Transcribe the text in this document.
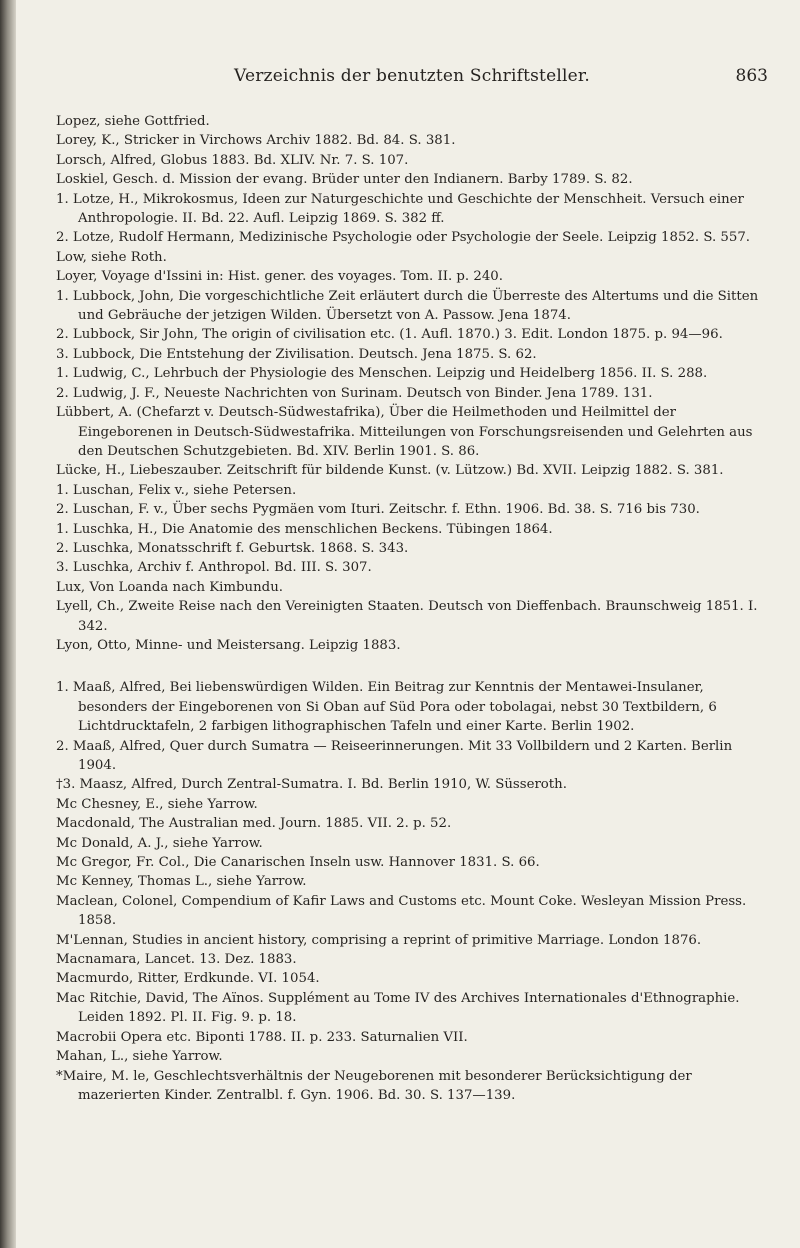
Verzeichnis der benutzten Schriftsteller.	863
Lopez, siehe Gottfried.
Lorey, K., Stricker in Virchows Archiv 1882. Bd. 84. S. 381.
Lorsch, Alfred, Globus 1883. Bd. XLIV. Nr. 7. S. 107.
Loskiel, Gesch. d. Mission der evang. Brüder unter den Indianern. Barby 1789. S. 82.
1. Lotze, H., Mikrokosmus, Ideen zur Naturgeschichte und Geschichte der Menschheit. Versuch einer Anthropologie. II. Bd. 22. Aufl. Leipzig 1869. S. 382 ff.
2. Lotze, Rudolf Hermann, Medizinische Psychologie oder Psychologie der Seele. Leipzig 1852. S. 557.
Low, siehe Roth.
Loyer, Voyage d'Issini in: Hist. gener. des voyages. Tom. II. p. 240.
1. Lubbock, John, Die vorgeschichtliche Zeit erläutert durch die Überreste des Altertums und die Sitten und Gebräuche der jetzigen Wilden. Übersetzt von A. Passow. Jena 1874.
2. Lubbock, Sir John, The origin of civilisation etc. (1. Aufl. 1870.) 3. Edit. London 1875. p. 94—96.
3. Lubbock, Die Entstehung der Zivilisation. Deutsch. Jena 1875. S. 62.
1. Ludwig, C., Lehrbuch der Physiologie des Menschen. Leipzig und Heidelberg 1856. II. S. 288.
2. Ludwig, J. F., Neueste Nachrichten von Surinam. Deutsch von Binder. Jena 1789. 131.
Lübbert, A. (Chefarzt v. Deutsch-Südwestafrika), Über die Heilmethoden und Heilmittel der Eingeborenen in Deutsch-Südwestafrika. Mitteilungen von Forschungsreisenden und Gelehrten aus den Deutschen Schutzgebieten. Bd. XIV. Berlin 1901. S. 86.
Lücke, H., Liebeszauber. Zeitschrift für bildende Kunst. (v. Lützow.) Bd. XVII. Leipzig 1882. S. 381.
1. Luschan, Felix v., siehe Petersen.
2. Luschan, F. v., Über sechs Pygmäen vom Ituri. Zeitschr. f. Ethn. 1906. Bd. 38. S. 716 bis 730.
1. Luschka, H., Die Anatomie des menschlichen Beckens. Tübingen 1864.
2. Luschka, Monatsschrift f. Geburtsk. 1868. S. 343.
3. Luschka, Archiv f. Anthropol. Bd. III. S. 307.
Lux, Von Loanda nach Kimbundu.
Lyell, Ch., Zweite Reise nach den Vereinigten Staaten. Deutsch von Dieffenbach. Braunschweig 1851. I. 342.
Lyon, Otto, Minne- und Meistersang. Leipzig 1883.
1. Maaß, Alfred, Bei liebenswürdigen Wilden. Ein Beitrag zur Kenntnis der Mentawei-Insulaner, besonders der Eingeborenen von Si Oban auf Süd Pora oder tobolagai, nebst 30 Textbildern, 6 Lichtdrucktafeln, 2 farbigen lithographischen Tafeln und einer Karte. Berlin 1902.
2. Maaß, Alfred, Quer durch Sumatra — Reiseerinnerungen. Mit 33 Vollbildern und 2 Karten. Berlin 1904.
†3. Maasz, Alfred, Durch Zentral-Sumatra. I. Bd. Berlin 1910, W. Süsseroth.
Mc Chesney, E., siehe Yarrow.
Macdonald, The Australian med. Journ. 1885. VII. 2. p. 52.
Mc Donald, A. J., siehe Yarrow.
Mc Gregor, Fr. Col., Die Canarischen Inseln usw. Hannover 1831. S. 66.
Mc Kenney, Thomas L., siehe Yarrow.
Maclean, Colonel, Compendium of Kafir Laws and Customs etc. Mount Coke. Wesleyan Mission Press. 1858.
M'Lennan, Studies in ancient history, comprising a reprint of primitive Marriage. London 1876.
Macnamara, Lancet. 13. Dez. 1883.
Macmurdo, Ritter, Erdkunde. VI. 1054.
Mac Ritchie, David, The Aïnos. Supplément au Tome IV des Archives Internationales d'Ethnographie. Leiden 1892. Pl. II. Fig. 9. p. 18.
Macrobii Opera etc. Biponti 1788. II. p. 233. Saturnalien VII.
Mahan, L., siehe Yarrow.
*Maire, M. le, Geschlechtsverhältnis der Neugeborenen mit besonderer Berücksichtigung der mazerierten Kinder. Zentralbl. f. Gyn. 1906. Bd. 30. S. 137—139.
